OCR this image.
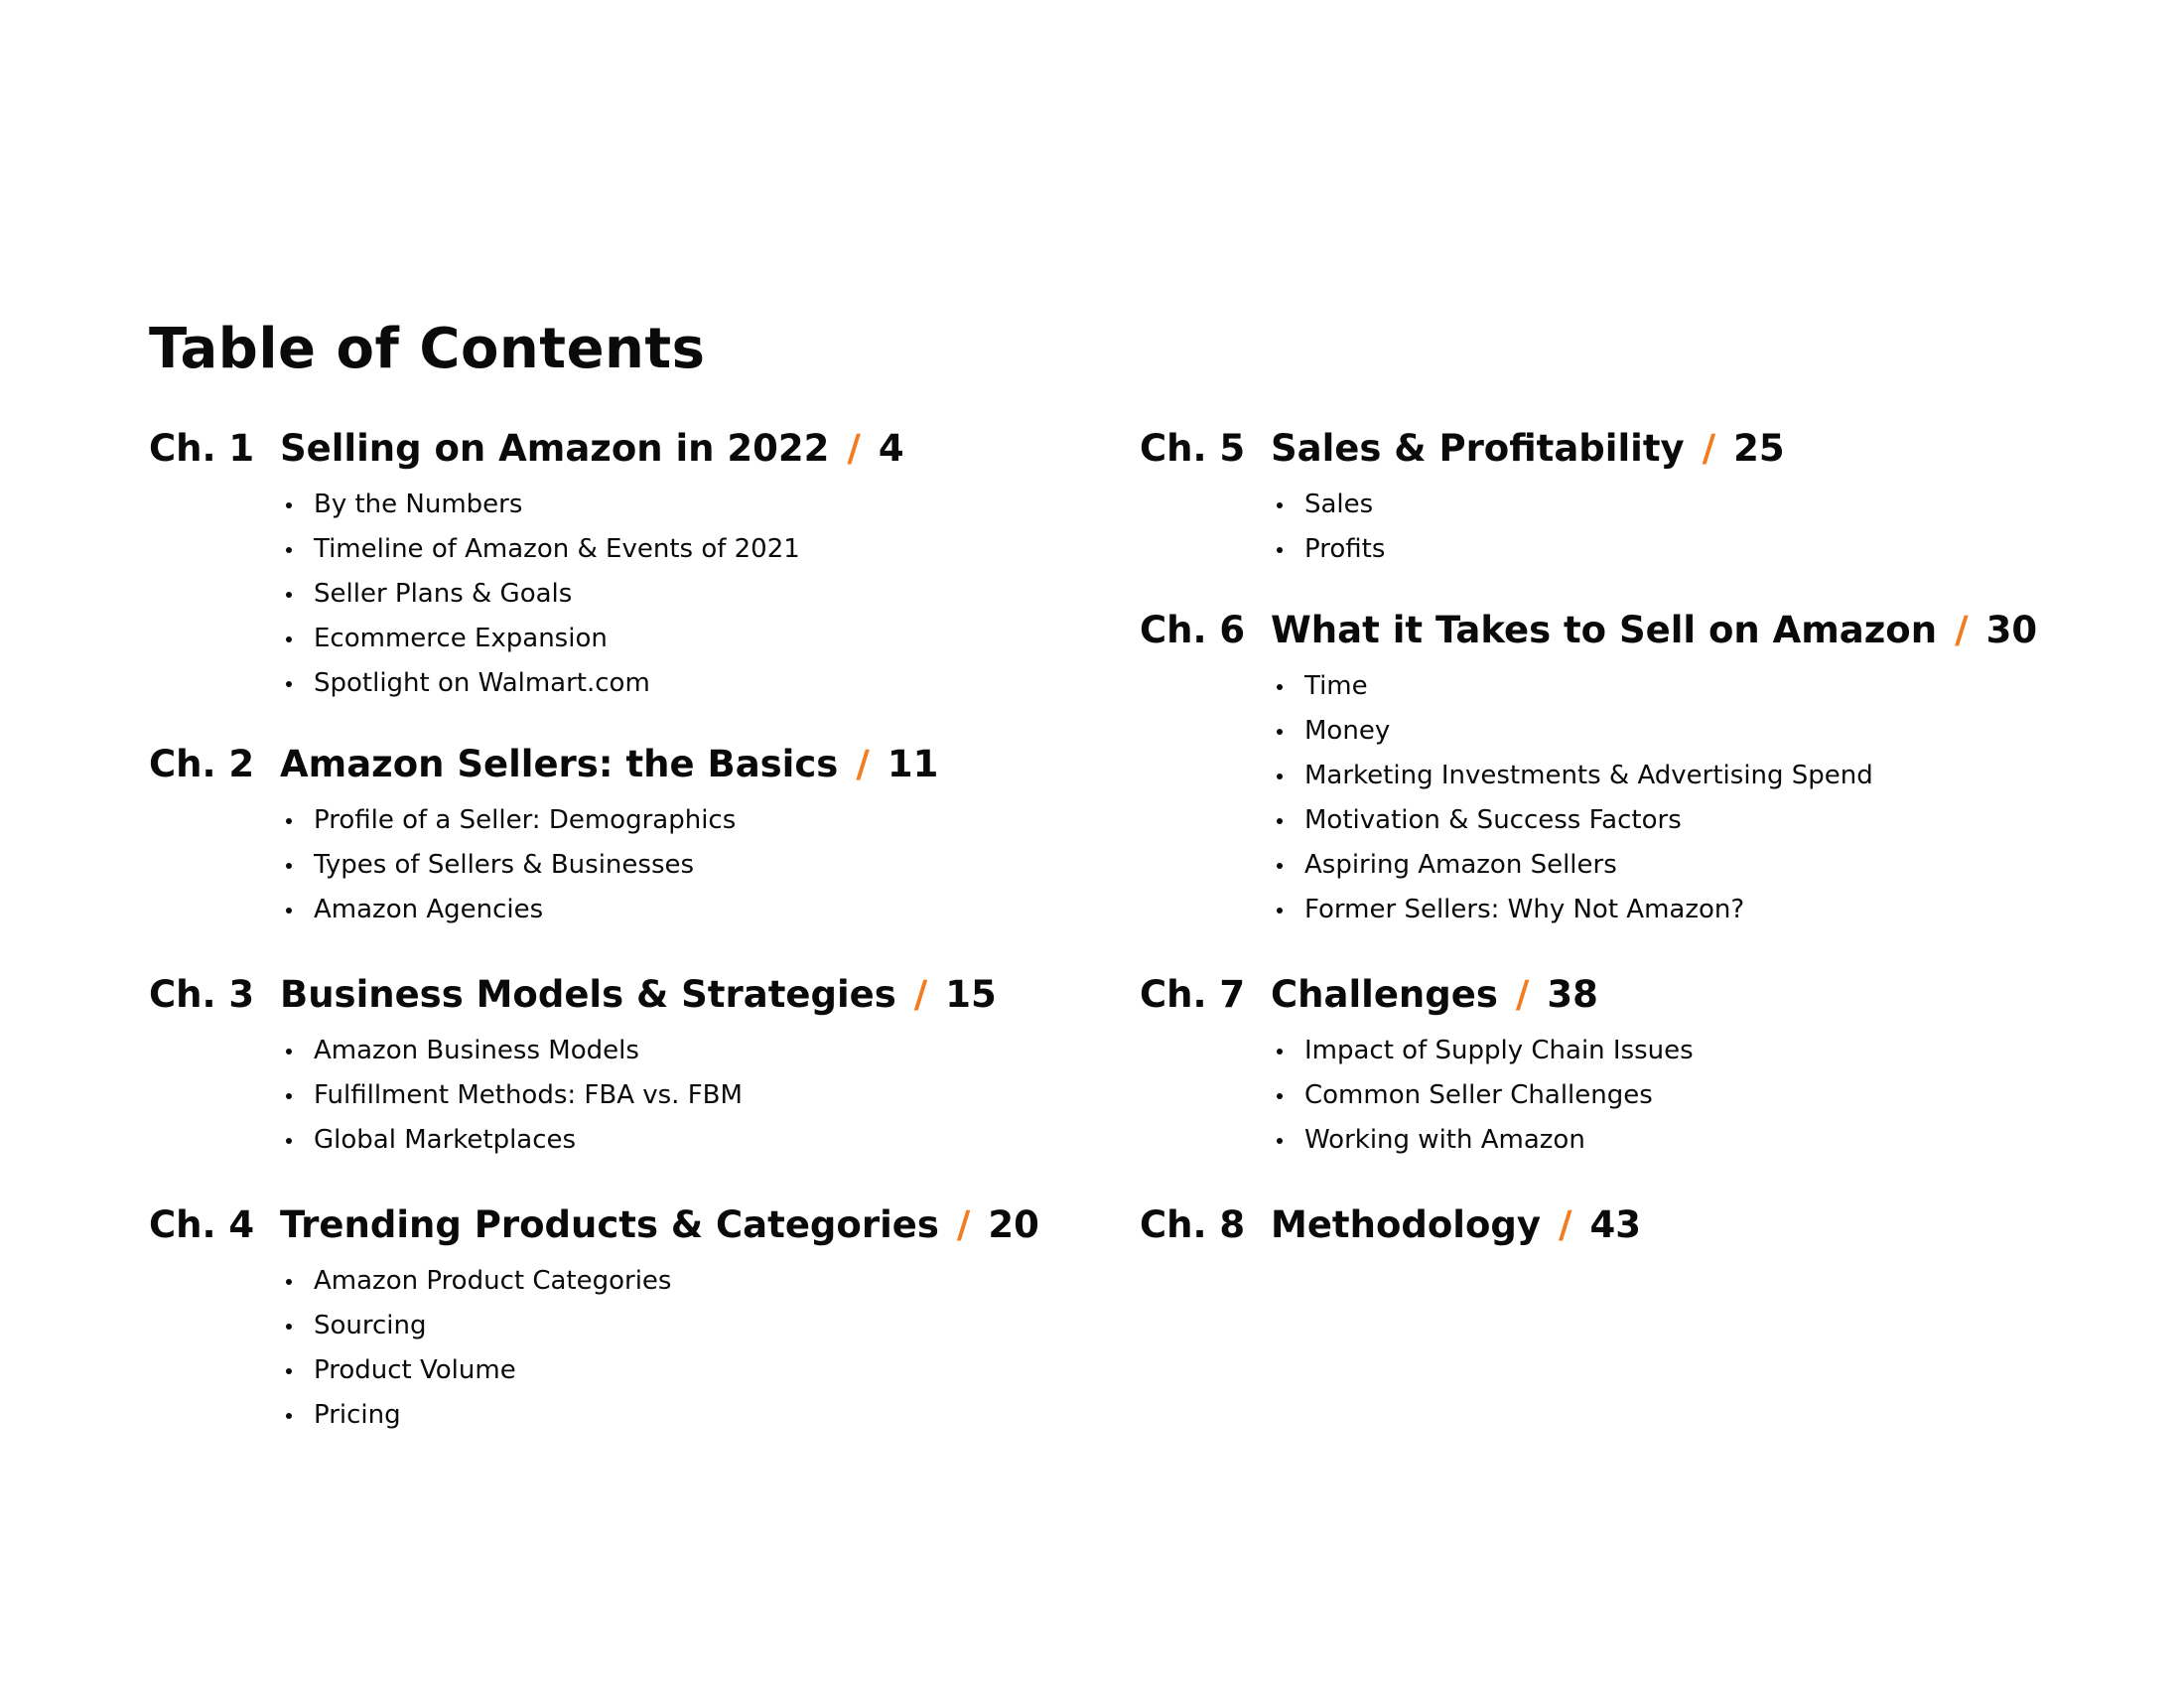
Table of Contents
Ch. 1 Selling on Amazon in 2022 / 4
By the Numbers
Timeline of Amazon & Events of 2021
Seller Plans & Goals
Ecommerce Expansion
Spotlight on Walmart.com
Ch. 2 Amazon Sellers: the Basics / 11
Profile of a Seller: Demographics
Types of Sellers & Businesses
Amazon Agencies
Ch. 3 Business Models & Strategies / 15
Amazon Business Models
Fulfillment Methods: FBA vs. FBM
Global Marketplaces
Ch. 4 Trending Products & Categories / 20
Amazon Product Categories
Sourcing
Product Volume
Pricing
Ch. 5 Sales & Profitability / 25
Sales
Profits
Ch. 6 What it Takes to Sell on Amazon / 30
Time
Money
Marketing Investments & Advertising Spend
Motivation & Success Factors
Aspiring Amazon Sellers
Former Sellers: Why Not Amazon?
Ch. 7 Challenges / 38
Impact of Supply Chain Issues
Common Seller Challenges
Working with Amazon
Ch. 8 Methodology / 43
